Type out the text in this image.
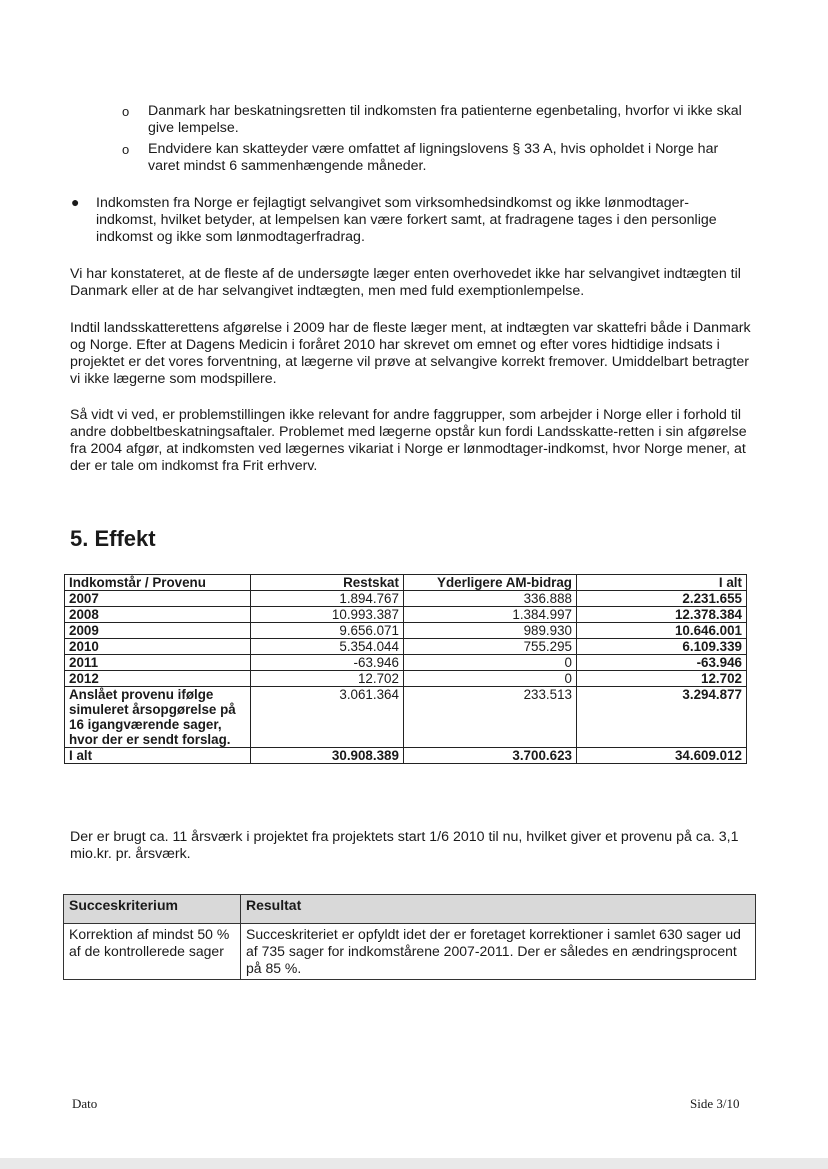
o Danmark har beskatningsretten til indkomsten fra patienterne egenbetaling, hvorfor vi ikke skal give lempelse.
o Endvidere kan skatteyder være omfattet af ligningslovens § 33 A, hvis opholdet i Norge har varet mindst 6 sammenhængende måneder.
● Indkomsten fra Norge er fejlagtigt selvangivet som virksomhedsindkomst og ikke lønmodtager-indkomst, hvilket betyder, at lempelsen kan være forkert samt, at fradragene tages i den personlige indkomst og ikke som lønmodtagerfradrag.

Vi har konstateret, at de fleste af de undersøgte læger enten overhovedet ikke har selvangivet indtægten til Danmark eller at de har selvangivet indtægten, men med fuld exemptionlempelse.

Indtil landsskatterettens afgørelse i 2009 har de fleste læger ment, at indtægten var skattefri både i Danmark og Norge. Efter at Dagens Medicin i foråret 2010 har skrevet om emnet og efter vores hidtidige indsats i projektet er det vores forventning, at lægerne vil prøve at selvangive korrekt fremover. Umiddelbart betragter vi ikke lægerne som modspillere.

Så vidt vi ved, er problemstillingen ikke relevant for andre faggrupper, som arbejder i Norge eller i forhold til andre dobbeltbeskatningsaftaler. Problemet med lægerne opstår kun fordi Landsskatte-retten i sin afgørelse fra 2004 afgør, at indkomsten ved lægernes vikariat i Norge er lønmodtager-indkomst, hvor Norge mener, at der er tale om indkomst fra Frit erhverv.

5. Effekt
Indkomstår / Provenu	Restskat	Yderligere AM-bidrag	I alt
2007	1.894.767	336.888	2.231.655
2008	10.993.387	1.384.997	12.378.384
2009	9.656.071	989.930	10.646.001
2010	5.354.044	755.295	6.109.339
2011	-63.946	0	-63.946
2012	12.702	0	12.702
Anslået provenu ifølge simuleret årsopgørelse på 16 igangværende sager, hvor der er sendt forslag.	3.061.364	233.513	3.294.877
I alt	30.908.389	3.700.623	34.609.012

Der er brugt ca. 11 årsværk i projektet fra projektets start 1/6 2010 til nu, hvilket giver et provenu på ca. 3,1 mio.kr. pr. årsværk.

Succeskriterium	Resultat
Korrektion af mindst 50 % af de kontrollerede sager	Succeskriteriet er opfyldt idet der er foretaget korrektioner i samlet 630 sager ud af 735 sager for indkomstårene 2007-2011. Der er således en ændringsprocent på 85 %.
Dato	Side 3/10
